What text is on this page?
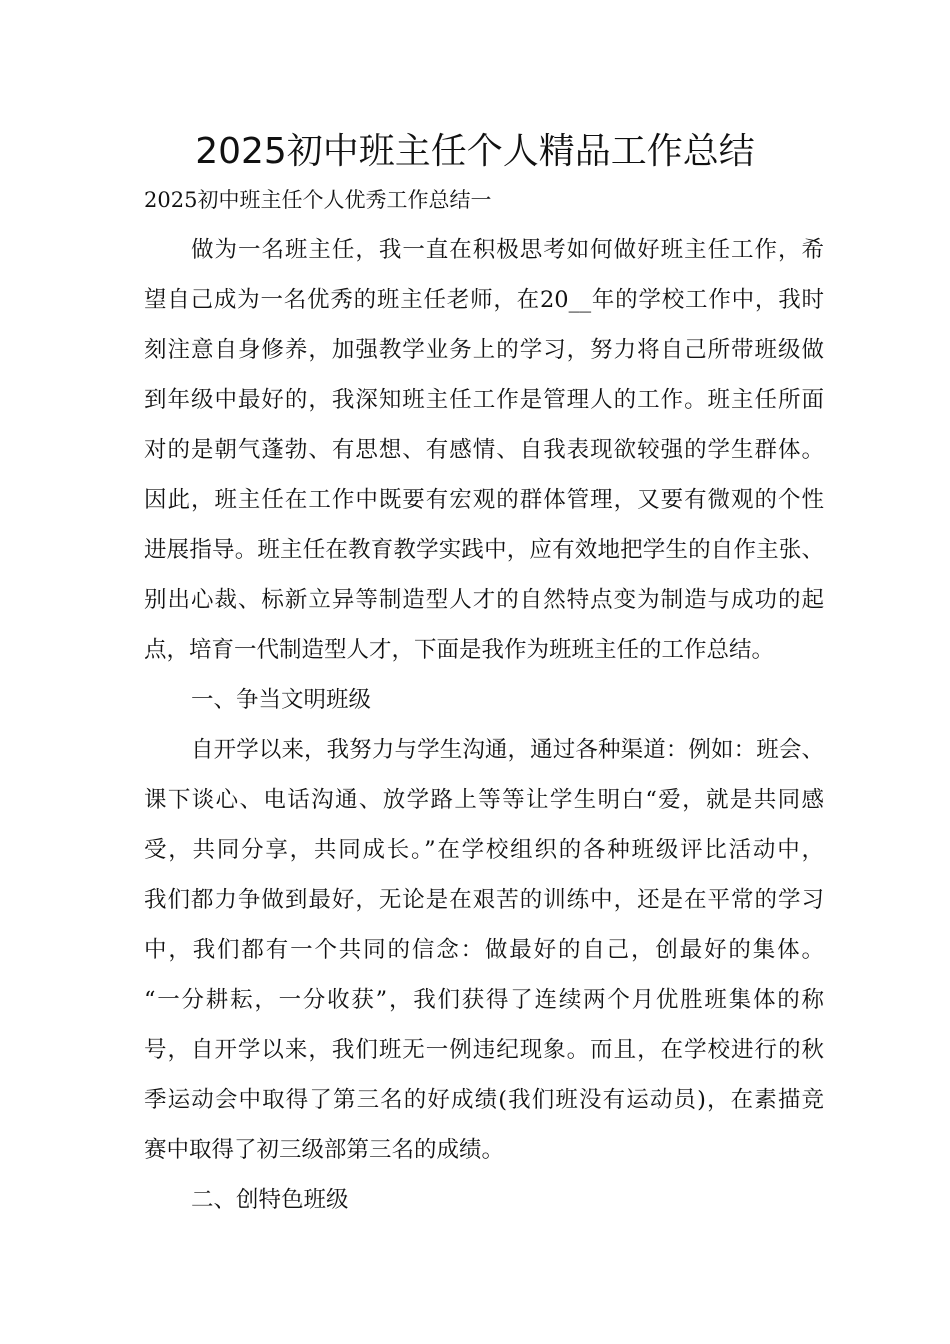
2025初中班主任个人精品工作总结

2025初中班主任个人优秀工作总结一

做为一名班主任，我一直在积极思考如何做好班主任工作，希

望自己成为一名优秀的班主任老师，在20__年的学校工作中，我时

刻注意自身修养，加强教学业务上的学习，努力将自己所带班级做

到年级中最好的，我深知班主任工作是管理人的工作。班主任所面

对的是朝气蓬勃、有思想、有感情、自我表现欲较强的学生群体。

因此，班主任在工作中既要有宏观的群体管理，又要有微观的个性

进展指导。班主任在教育教学实践中，应有效地把学生的自作主张、

别出心裁、标新立异等制造型人才的自然特点变为制造与成功的起

点，培育一代制造型人才，下面是我作为班班主任的工作总结。

一、争当文明班级

自开学以来，我努力与学生沟通，通过各种渠道：例如：班会、

课下谈心、电话沟通、放学路上等等让学生明白“爱，就是共同感

受，共同分享，共同成长。”在学校组织的各种班级评比活动中，

我们都力争做到最好，无论是在艰苦的训练中，还是在平常的学习

中，我们都有一个共同的信念：做最好的自己，创最好的集体。

“一分耕耘，一分收获”，我们获得了连续两个月优胜班集体的称

号，自开学以来，我们班无一例违纪现象。而且，在学校进行的秋

季运动会中取得了第三名的好成绩(我们班没有运动员)，在素描竞

赛中取得了初三级部第三名的成绩。

二、创特色班级
